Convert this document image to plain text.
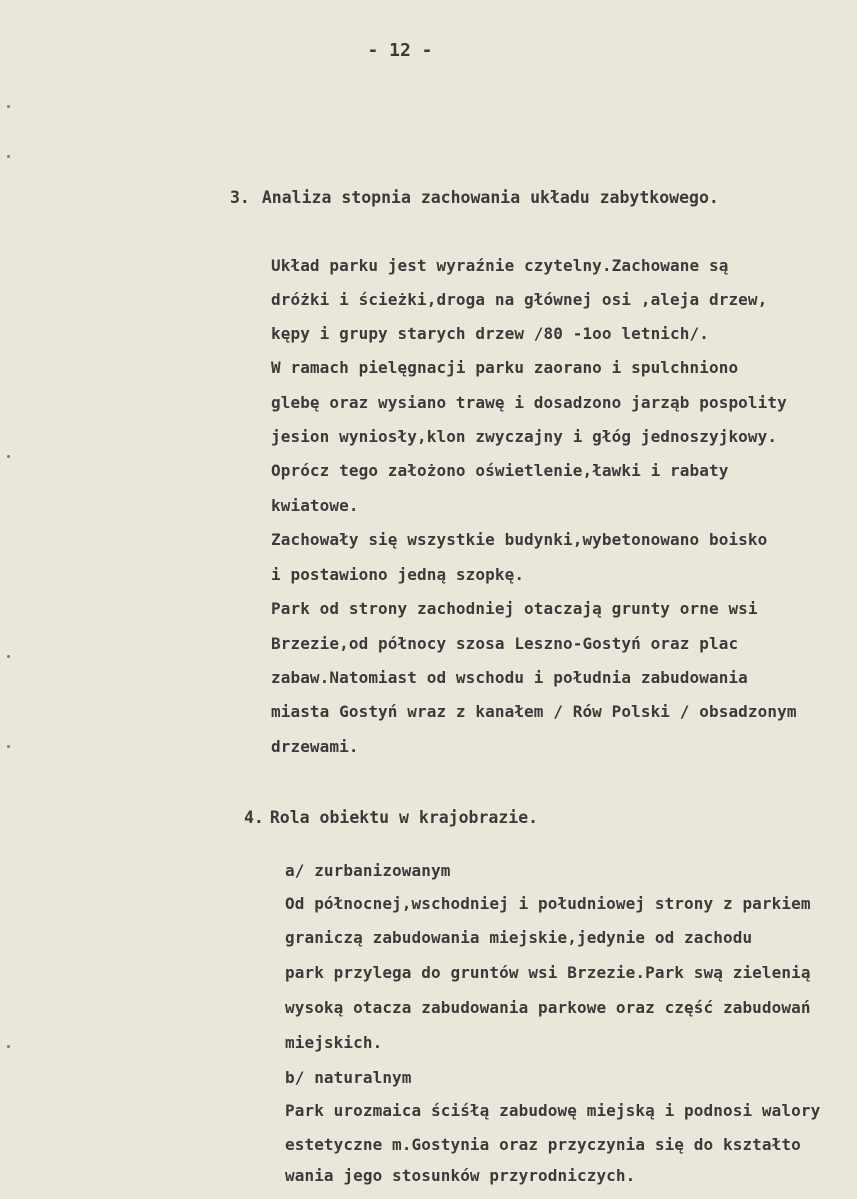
- 12 -
3. Analiza stopnia zachowania układu zabytkowego.
Układ parku jest wyraźnie czytelny.Zachowane są
dróżki i ścieżki,droga na głównej osi ,aleja drzew,
kępy i grupy starych drzew /80 -1oo letnich/.
W ramach pielęgnacji parku zaorano i spulchniono
glebę oraz wysiano trawę i dosadzono jarząb pospolity
jesion wyniosły,klon zwyczajny i głóg jednoszyjkowy.
Oprócz tego założono oświetlenie,ławki i rabaty
kwiatowe.
Zachowały się wszystkie budynki,wybetonowano boisko
i postawiono jedną szopkę.
Park od strony zachodniej otaczają grunty orne wsi
Brzezie,od północy szosa Leszno-Gostyń oraz plac
zabaw.Natomiast od wschodu i południa zabudowania
miasta Gostyń wraz z kanałem / Rów Polski / obsadzonym
drzewami.
4. Rola obiektu w krajobrazie.
a/ zurbanizowanym
Od północnej,wschodniej i południowej strony z parkiem
graniczą zabudowania miejskie,jedynie od zachodu
park przylega do gruntów wsi Brzezie.Park swą zielenią
wysoką otacza zabudowania parkowe oraz część zabudowań
miejskich.
b/ naturalnym
Park urozmaica ściśłą zabudowę miejską i podnosi walory
estetyczne m.Gostynia oraz przyczynia się do kształto
wania jego stosunków przyrodniczych.
